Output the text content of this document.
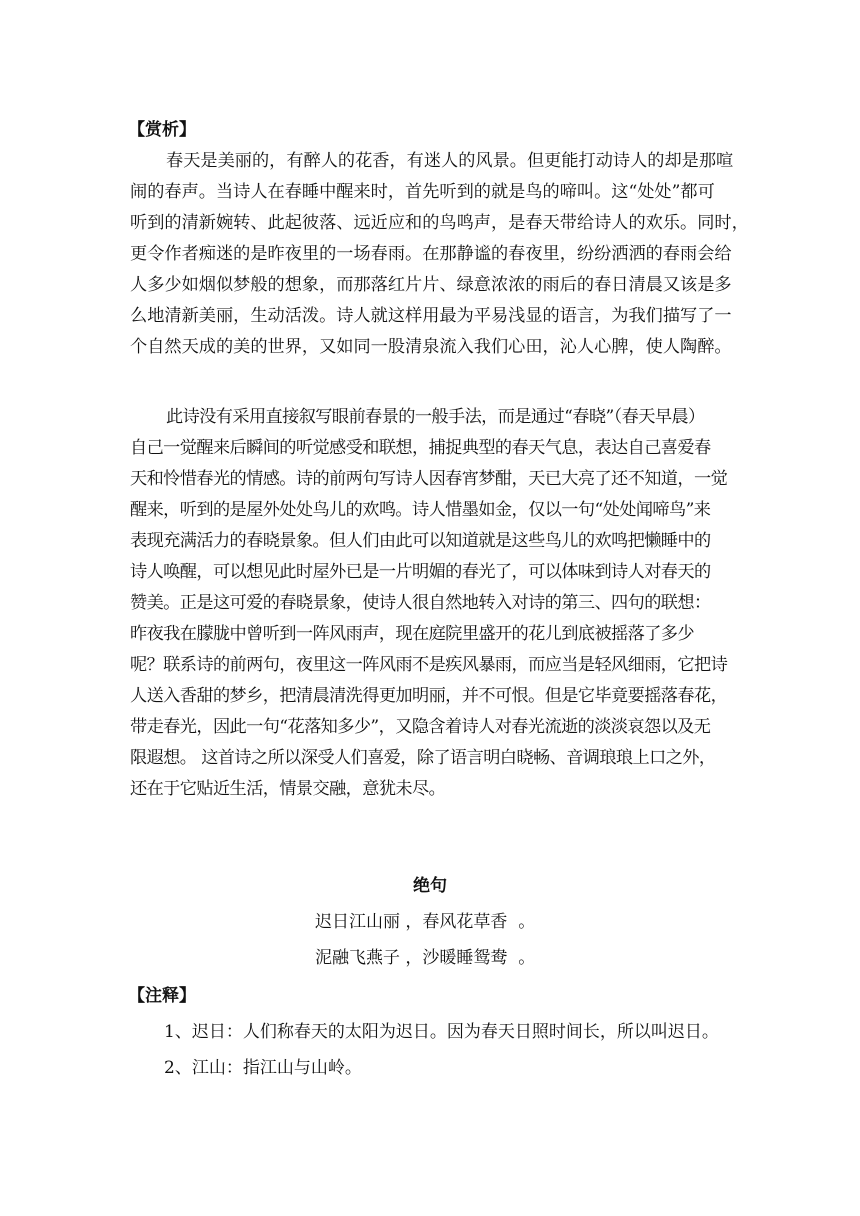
【赏析】
春天是美丽的，有醉人的花香，有迷人的风景。但更能打动诗人的却是那喧
闹的春声。当诗人在春睡中醒来时，首先听到的就是鸟的啼叫。这“处处”都可
听到的清新婉转、此起彼落、远近应和的鸟鸣声，是春天带给诗人的欢乐。同时，
更令作者痴迷的是昨夜里的一场春雨。在那静谧的春夜里，纷纷洒洒的春雨会给
人多少如烟似梦般的想象，而那落红片片、绿意浓浓的雨后的春日清晨又该是多
么地清新美丽，生动活泼。诗人就这样用最为平易浅显的语言，为我们描写了一
个自然天成的美的世界，又如同一股清泉流入我们心田，沁人心脾，使人陶醉。
此诗没有采用直接叙写眼前春景的一般手法，而是通过“春晓”（春天早晨）
自己一觉醒来后瞬间的听觉感受和联想，捕捉典型的春天气息，表达自己喜爱春
天和怜惜春光的情感。诗的前两句写诗人因春宵梦酣，天已大亮了还不知道，一觉
醒来，听到的是屋外处处鸟儿的欢鸣。诗人惜墨如金，仅以一句“处处闻啼鸟”来
表现充满活力的春晓景象。但人们由此可以知道就是这些鸟儿的欢鸣把懒睡中的
诗人唤醒，可以想见此时屋外已是一片明媚的春光了，可以体味到诗人对春天的
赞美。正是这可爱的春晓景象，使诗人很自然地转入对诗的第三、四句的联想：
昨夜我在朦胧中曾听到一阵风雨声，现在庭院里盛开的花儿到底被摇落了多少
呢？联系诗的前两句，夜里这一阵风雨不是疾风暴雨，而应当是轻风细雨，它把诗
人送入香甜的梦乡，把清晨清洗得更加明丽，并不可恨。但是它毕竟要摇落春花，
带走春光，因此一句“花落知多少”，又隐含着诗人对春光流逝的淡淡哀怨以及无
限遐想。 这首诗之所以深受人们喜爱，除了语言明白晓畅、音调琅琅上口之外，
还在于它贴近生活，情景交融，意犹未尽。
绝句
迟日江山丽 ，春风花草香  。
泥融飞燕子 ，沙暖睡鸳鸯  。
【注释】
1、迟日：人们称春天的太阳为迟日。因为春天日照时间长，所以叫迟日。
2、江山：指江山与山岭。
